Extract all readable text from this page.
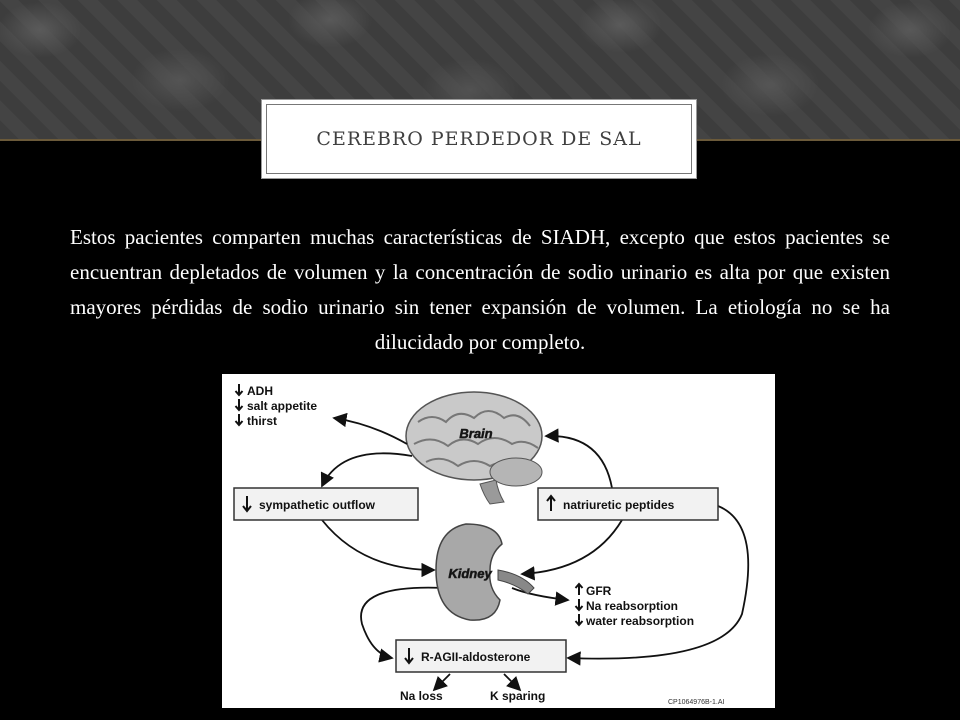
CEREBRO PERDEDOR DE SAL
Estos pacientes comparten muchas características de SIADH, excepto que estos pacientes se encuentran depletados de volumen y la concentración de sodio urinario es alta por que existen mayores pérdidas de sodio urinario sin tener expansión de volumen. La etiología no se ha dilucidado por completo.
ADH
salt appetite
thirst
Brain
sympathetic outflow	natriuretic peptides
Kidney
GFR
Na reabsorption
water reabsorption
R-AGII-aldosterone
Na loss	K sparing	CP1064976B-1.AI
